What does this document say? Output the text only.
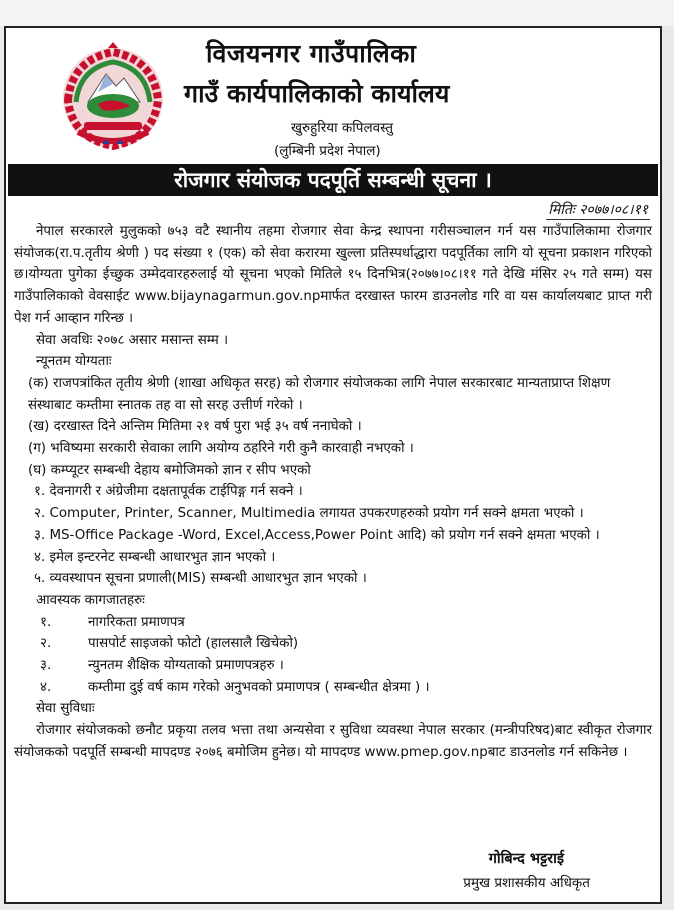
विजयनगर गाउँपालिका
गाउँ कार्यपालिकाको कार्यालय
खुरुहुरिया कपिलवस्तु
(लुम्बिनी प्रदेश नेपाल)
रोजगार संयोजक पदपूर्ति सम्बन्धी सूचना ।
मितिः २०७७।०८।११

नेपाल सरकारले मुलुकको ७५३ वटै स्थानीय तहमा रोजगार सेवा केन्द्र स्थापना गरीसञ्चालन गर्न यस गाउँपालिकामा रोजगार संयोजक(रा.प.तृतीय श्रेणी ) पद संख्या १ (एक) को सेवा करारमा खुल्ला प्रतिस्पर्धाद्धारा पदपूर्तिका लागि यो सूचना प्रकाशन गरिएको छ।योग्यता पुगेका ईच्छुक उम्मेदवारहरुलाई यो सूचना भएको मितिले १५ दिनभित्र(२०७७।०८।११ गते देखि मंसिर २५ गते सम्म) यस गाउँपालिकाको वेवसाईट www.bijaynagarmun.gov.npमार्फत दरखास्त फारम डाउनलोड गरि वा यस कार्यालयबाट प्राप्त गरी पेश गर्न आव्हान गरिन्छ ।

सेवा अवधिः २०७८ असार मसान्त सम्म ।

न्यूनतम योग्यताः

(क) राजपत्रांकित तृतीय श्रेणी (शाखा अधिकृत सरह) को रोजगार संयोजकका लागि नेपाल सरकारबाट मान्यताप्राप्त शिक्षण संस्थाबाट कम्तीमा स्नातक तह वा सो सरह उत्तीर्ण गरेको ।

(ख) दरखास्त दिने अन्तिम मितिमा २१ वर्ष पुरा भई ३५ वर्ष ननाघेको ।

(ग) भविष्यमा सरकारी सेवाका लागि अयोग्य ठहरिने गरी कुनै कारवाही नभएको ।

(घ) कम्प्यूटर सम्बन्धी देहाय बमोजिमको ज्ञान र सीप भएको

१. देवनागरी र अंग्रेजीमा दक्षतापूर्वक टाईपिङ्ग गर्न सक्ने ।

२. Computer, Printer, Scanner, Multimedia लगायत उपकरणहरुको प्रयोग गर्न सक्ने क्षमता भएको ।

३. MS-Office Package -Word, Excel,Access,Power Point आदि) को प्रयोग गर्न सक्ने क्षमता भएको ।

४. इमेल इन्टरनेट सम्बन्धी आधारभुत ज्ञान भएको ।

५. व्यवस्थापन सूचना प्रणाली(MIS) सम्बन्धी आधारभुत ज्ञान भएको ।

आवस्यक कागजातहरुः

१.	नागरिकता प्रमाणपत्र
२.	पासपोर्ट साइजको फोटो (हालसालै खिचेको)
३.	न्युनतम शैक्षिक योग्यताको प्रमाणपत्रहरु ।
४.	कम्तीमा दुई वर्ष काम गरेको अनुभवको प्रमाणपत्र ( सम्बन्धीत क्षेत्रमा ) ।

सेवा सुविधाः

रोजगार संयोजकको छनौट प्रकृया तलव भत्ता तथा अन्यसेवा र सुविधा व्यवस्था नेपाल सरकार (मन्त्रीपरिषद)बाट स्वीकृत रोजगार संयोजकको पदपूर्ति सम्बन्धी मापदण्ड २०७६ बमोजिम हुनेछ। यो मापदण्ड www.pmep.gov.npबाट डाउनलोड गर्न सकिनेछ ।

गोबिन्द भट्टराई
प्रमुख प्रशासकीय अधिकृत
